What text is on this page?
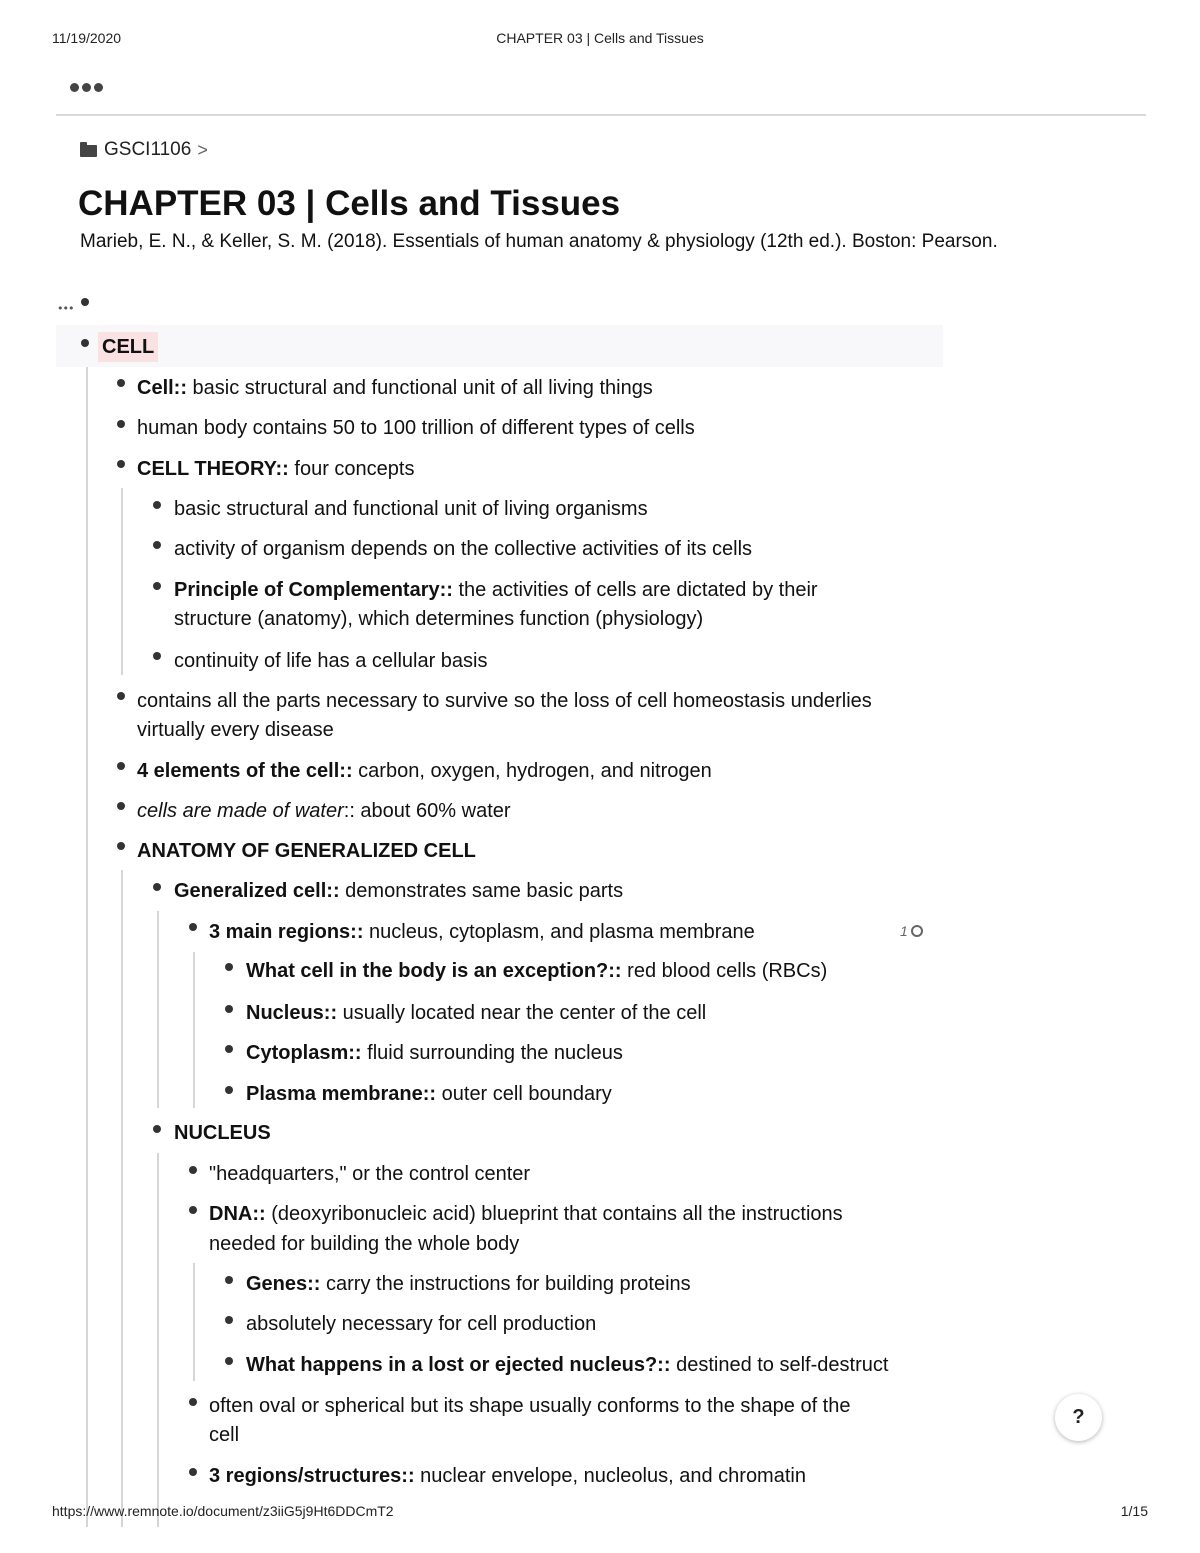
11/19/2020	CHAPTER 03 | Cells and Tissues
GSCI1106 >
CHAPTER 03 | Cells and Tissues
Marieb, E. N., & Keller, S. M. (2018). Essentials of human anatomy & physiology (12th ed.). Boston: Pearson.
•••
CELL
Cell:: basic structural and functional unit of all living things
human body contains 50 to 100 trillion of different types of cells
CELL THEORY:: four concepts
basic structural and functional unit of living organisms
activity of organism depends on the collective activities of its cells
Principle of Complementary:: the activities of cells are dictated by their
structure (anatomy), which determines function (physiology)
continuity of life has a cellular basis
contains all the parts necessary to survive so the loss of cell homeostasis underlies
virtually every disease
4 elements of the cell:: carbon, oxygen, hydrogen, and nitrogen
cells are made of water:: about 60% water
ANATOMY OF GENERALIZED CELL
Generalized cell:: demonstrates same basic parts
3 main regions:: nucleus, cytoplasm, and plasma membrane	1
What cell in the body is an exception?:: red blood cells (RBCs)
Nucleus:: usually located near the center of the cell
Cytoplasm:: fluid surrounding the nucleus
Plasma membrane:: outer cell boundary
NUCLEUS
"headquarters," or the control center
DNA:: (deoxyribonucleic acid) blueprint that contains all the instructions
needed for building the whole body
Genes:: carry the instructions for building proteins
absolutely necessary for cell production
What happens in a lost or ejected nucleus?:: destined to self-destruct
often oval or spherical but its shape usually conforms to the shape of the
cell
3 regions/structures:: nuclear envelope, nucleolus, and chromatin
?
https://www.remnote.io/document/z3iiG5j9Ht6DDCmT2	1/15
